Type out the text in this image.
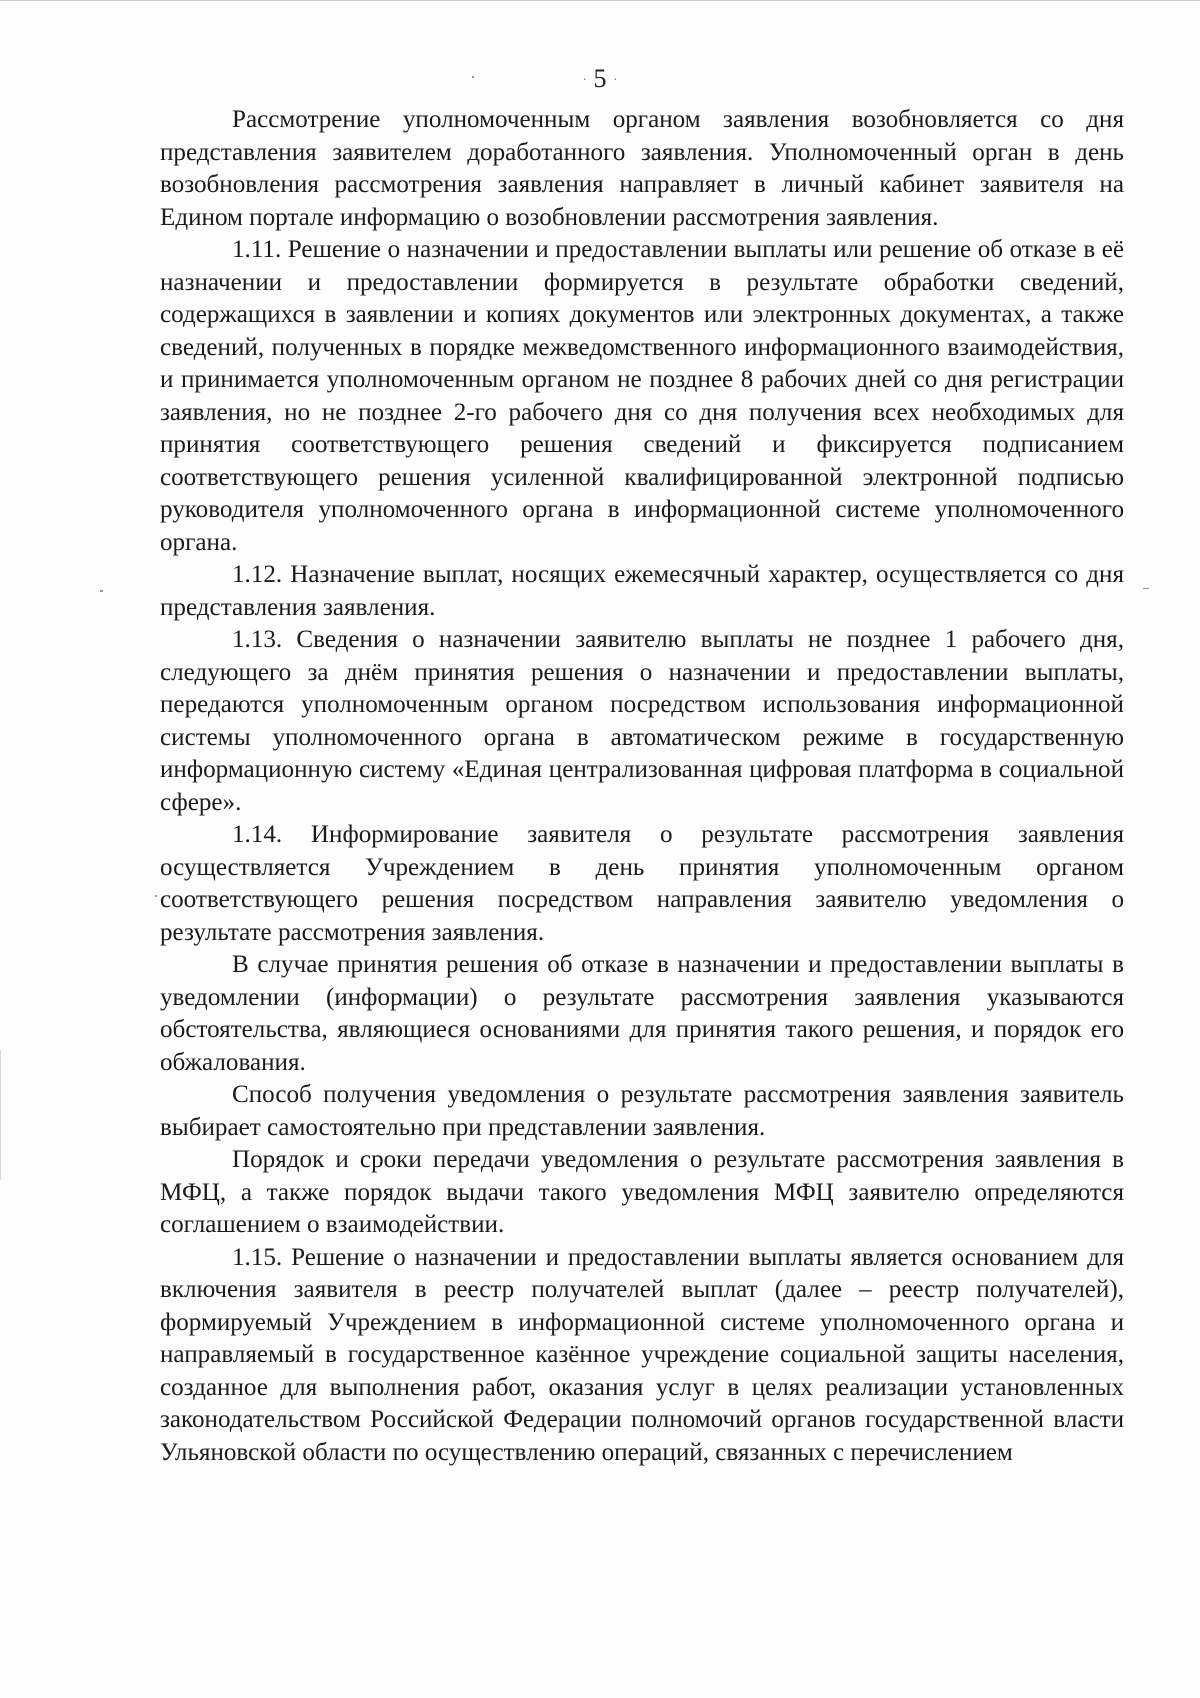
· 5 ·

Рассмотрение уполномоченным органом заявления возобновляется со дня представления заявителем доработанного заявления. Уполномоченный орган в день возобновления рассмотрения заявления направляет в личный кабинет заявителя на Едином портале информацию о возобновлении рассмотрения заявления.

1.11. Решение о назначении и предоставлении выплаты или решение об отказе в её назначении и предоставлении формируется в результате обработки сведений, содержащихся в заявлении и копиях документов или электронных документах, а также сведений, полученных в порядке межведомственного информационного взаимодействия, и принимается уполномоченным органом не позднее 8 рабочих дней со дня регистрации заявления, но не позднее 2-го рабочего дня со дня получения всех необходимых для принятия соответствующего решения сведений и фиксируется подписанием соответствующего решения усиленной квалифицированной электронной подписью руководителя уполномоченного органа в информационной системе уполномоченного органа.

1.12. Назначение выплат, носящих ежемесячный характер, осуществляется со дня представления заявления.

1.13. Сведения о назначении заявителю выплаты не позднее 1 рабочего дня, следующего за днём принятия решения о назначении и предоставлении выплаты, передаются уполномоченным органом посредством использования информационной системы уполномоченного органа в автоматическом режиме в государственную информационную систему «Единая централизованная цифровая платформа в социальной сфере».

1.14. Информирование заявителя о результате рассмотрения заявления осуществляется Учреждением в день принятия уполномоченным органом соответствующего решения посредством направления заявителю уведомления о результате рассмотрения заявления.

В случае принятия решения об отказе в назначении и предоставлении выплаты в уведомлении (информации) о результате рассмотрения заявления указываются обстоятельства, являющиеся основаниями для принятия такого решения, и порядок его обжалования.

Способ получения уведомления о результате рассмотрения заявления заявитель выбирает самостоятельно при представлении заявления.

Порядок и сроки передачи уведомления о результате рассмотрения заявления в МФЦ, а также порядок выдачи такого уведомления МФЦ заявителю определяются соглашением о взаимодействии.

1.15. Решение о назначении и предоставлении выплаты является основанием для включения заявителя в реестр получателей выплат (далее – реестр получателей), формируемый Учреждением в информационной системе уполномоченного органа и направляемый в государственное казённое учреждение социальной защиты населения, созданное для выполнения работ, оказания услуг в целях реализации установленных законодательством Российской Федерации полномочий органов государственной власти Ульяновской области по осуществлению операций, связанных с перечислением
